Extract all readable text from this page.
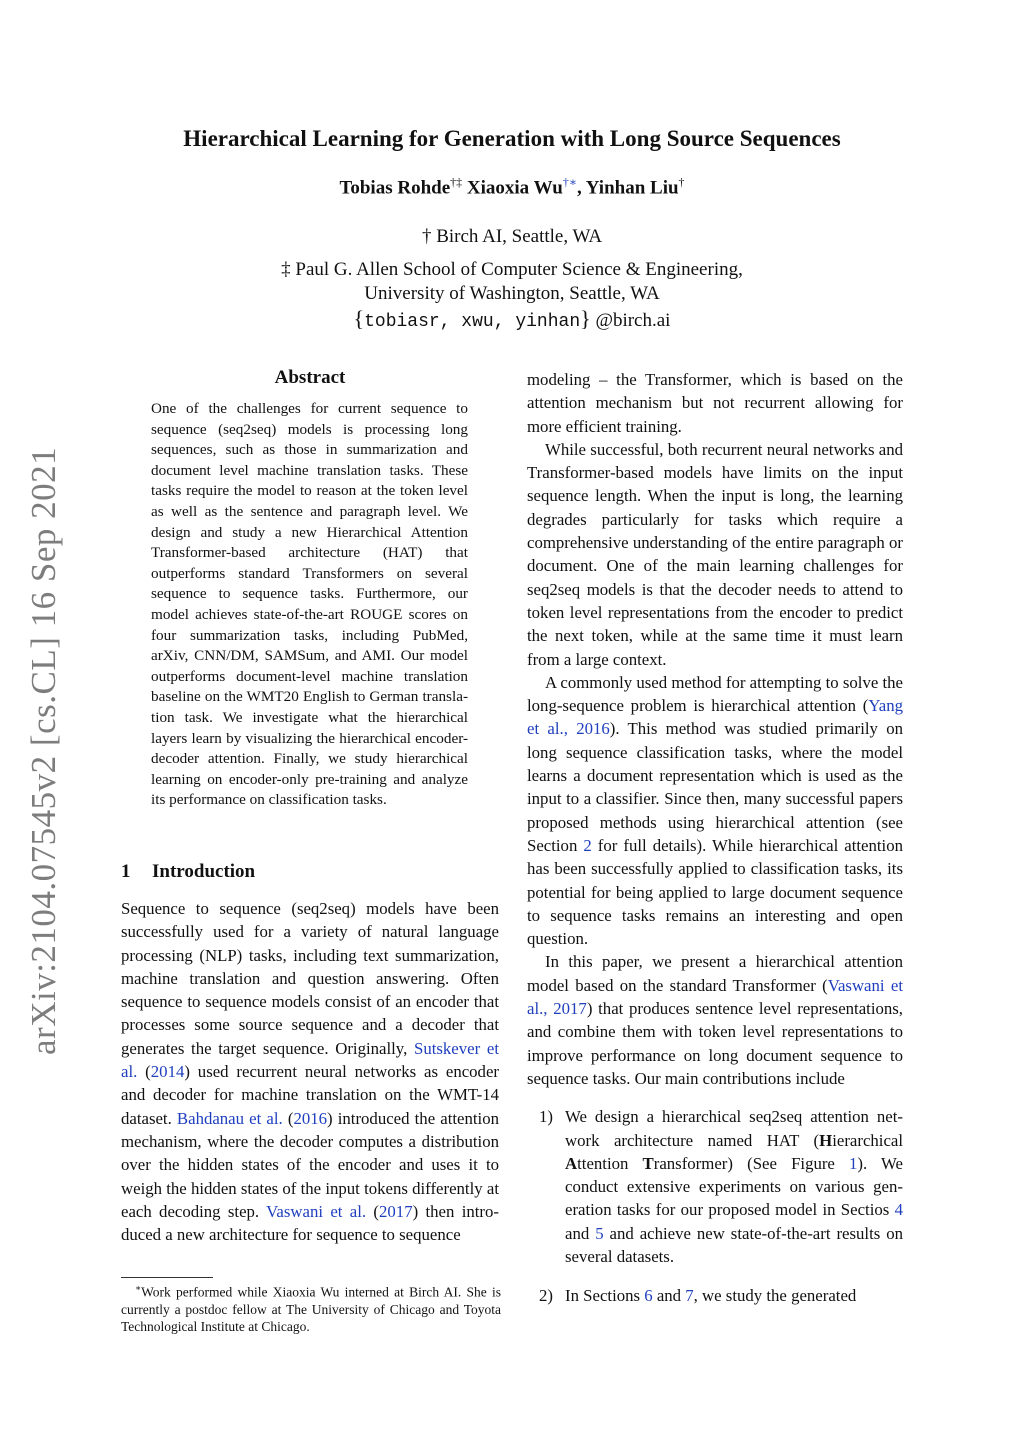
arXiv:2104.07545v2 [cs.CL] 16 Sep 2021
Hierarchical Learning for Generation with Long Source Sequences
Tobias Rohde†‡ Xiaoxia Wu†∗, Yinhan Liu†
† Birch AI, Seattle, WA
‡ Paul G. Allen School of Computer Science & Engineering,
University of Washington, Seattle, WA
{tobiasr, xwu, yinhan} @birch.ai
Abstract

One of the challenges for current sequence to sequence (seq2seq) models is processing long sequences, such as those in summarization and document level machine translation tasks. These tasks require the model to reason at the token level as well as the sentence and paragraph level. We design and study a new Hierarchical Attention Transformer-based architecture (HAT) that outperforms standard Transformers on several sequence to sequence tasks. Furthermore, our model achieves state-of-the-art ROUGE scores on four summarization tasks, including PubMed, arXiv, CNN/DM, SAMSum, and AMI. Our model outperforms document-level machine translation baseline on the WMT20 English to German translation task. We investigate what the hierarchical layers learn by visualizing the hierarchical encoder-decoder attention. Finally, we study hierarchical learning on encoder-only pre-training and analyze its performance on classification tasks.

1 Introduction

Sequence to sequence (seq2seq) models have been successfully used for a variety of natural language processing (NLP) tasks, including text summarization, machine translation and question answering. Often sequence to sequence models consist of an encoder that processes some source sequence and a decoder that generates the target sequence. Originally, Sutskever et al. (2014) used recurrent neural networks as encoder and decoder for machine translation on the WMT-14 dataset. Bahdanau et al. (2016) introduced the attention mechanism, where the decoder computes a distribution over the hidden states of the encoder and uses it to weigh the hidden states of the input tokens differently at each decoding step. Vaswani et al. (2017) then introduced a new architecture for sequence to sequence

∗Work performed while Xiaoxia Wu interned at Birch AI. She is currently a postdoc fellow at The University of Chicago and Toyota Technological Institute at Chicago.

modeling – the Transformer, which is based on the attention mechanism but not recurrent allowing for more efficient training.

While successful, both recurrent neural networks and Transformer-based models have limits on the input sequence length. When the input is long, the learning degrades particularly for tasks which require a comprehensive understanding of the entire paragraph or document. One of the main learning challenges for seq2seq models is that the decoder needs to attend to token level representations from the encoder to predict the next token, while at the same time it must learn from a large context.

A commonly used method for attempting to solve the long-sequence problem is hierarchical attention (Yang et al., 2016). This method was studied primarily on long sequence classification tasks, where the model learns a document representation which is used as the input to a classifier. Since then, many successful papers proposed methods using hierarchical attention (see Section 2 for full details). While hierarchical attention has been successfully applied to classification tasks, its potential for being applied to large document sequence to sequence tasks remains an interesting and open question.

In this paper, we present a hierarchical attention model based on the standard Transformer (Vaswani et al., 2017) that produces sentence level representations, and combine them with token level representations to improve performance on long document sequence to sequence tasks. Our main contributions include

1) We design a hierarchical seq2seq attention network architecture named HAT (Hierarchical Attention Transformer) (See Figure 1). We conduct extensive experiments on various generation tasks for our proposed model in Sectios 4 and 5 and achieve new state-of-the-art results on several datasets.
2) In Sections 6 and 7, we study the generated
